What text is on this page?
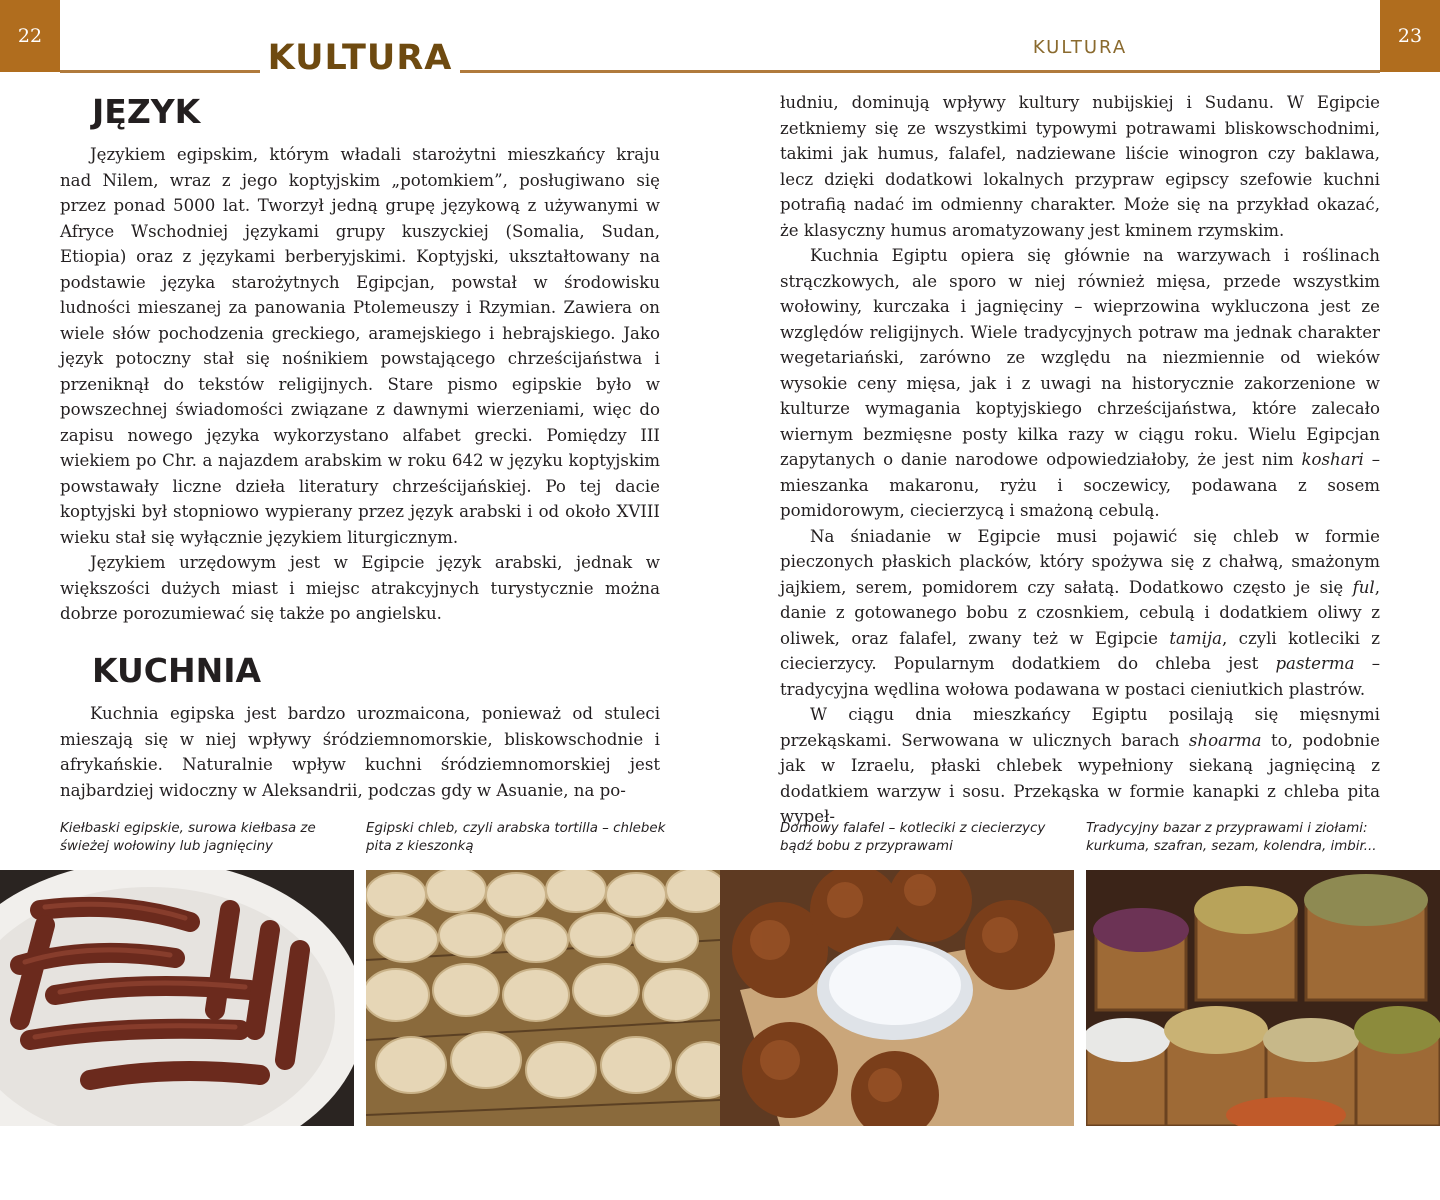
22	23
KULTURA	KULTURA
JĘZYK

Językiem egipskim, którym władali starożytni mieszkańcy kraju nad Nilem, wraz z jego koptyjskim „potomkiem”, posługiwano się przez ponad 5000 lat. Tworzył jedną grupę językową z używanymi w Afryce Wschodniej językami grupy kuszyckiej (Somalia, Sudan, Etiopia) oraz z językami berberyjskimi. Koptyjski, ukształtowany na podstawie języka starożytnych Egipcjan, powstał w środowisku ludności mieszanej za panowania Ptolemeuszy i Rzymian. Zawiera on wiele słów pochodzenia greckiego, aramejskiego i hebrajskiego. Jako język potoczny stał się nośnikiem powstającego chrześcijaństwa i przeniknął do tekstów religijnych. Stare pismo egipskie było w powszechnej świadomości związane z dawnymi wierzeniami, więc do zapisu nowego języka wykorzystano alfabet grecki. Pomiędzy III wiekiem po Chr. a najazdem arabskim w roku 642 w języku koptyjskim powstawały liczne dzieła literatury chrześcijańskiej. Po tej dacie koptyjski był stopniowo wypierany przez język arabski i od około XVIII wieku stał się wyłącznie językiem liturgicznym.

Językiem urzędowym jest w Egipcie język arabski, jednak w większości dużych miast i miejsc atrakcyjnych turystycznie można dobrze porozumiewać się także po angielsku.

KUCHNIA

Kuchnia egipska jest bardzo urozmaicona, ponieważ od stuleci mieszają się w niej wpływy śródziemnomorskie, bliskowschodnie i afrykańskie. Naturalnie wpływ kuchni śródziemnomorskiej jest najbardziej widoczny w Aleksandrii, podczas gdy w Asuanie, na po-

łudniu, dominują wpływy kultury nubijskiej i Sudanu. W Egipcie zetkniemy się ze wszystkimi typowymi potrawami bliskowschodnimi, takimi jak humus, falafel, nadziewane liście winogron czy baklawa, lecz dzięki dodatkowi lokalnych przypraw egipscy szefowie kuchni potrafią nadać im odmienny charakter. Może się na przykład okazać, że klasyczny humus aromatyzowany jest kminem rzymskim.

Kuchnia Egiptu opiera się głównie na warzywach i roślinach strączkowych, ale sporo w niej również mięsa, przede wszystkim wołowiny, kurczaka i jagnięciny – wieprzowina wykluczona jest ze względów religijnych. Wiele tradycyjnych potraw ma jednak charakter wegetariański, zarówno ze względu na niezmiennie od wieków wysokie ceny mięsa, jak i z uwagi na historycznie zakorzenione w kulturze wymagania koptyjskiego chrześcijaństwa, które zalecało wiernym bezmięsne posty kilka razy w ciągu roku. Wielu Egipcjan zapytanych o danie narodowe odpowiedziałoby, że jest nim koshari – mieszanka makaronu, ryżu i soczewicy, podawana z sosem pomidorowym, ciecierzycą i smażoną cebulą.

Na śniadanie w Egipcie musi pojawić się chleb w formie pieczonych płaskich placków, który spożywa się z chałwą, smażonym jajkiem, serem, pomidorem czy sałatą. Dodatkowo często je się ful, danie z gotowanego bobu z czosnkiem, cebulą i dodatkiem oliwy z oliwek, oraz falafel, zwany też w Egipcie tamija, czyli kotleciki z ciecierzycy. Popularnym dodatkiem do chleba jest pasterma – tradycyjna wędlina wołowa podawana w postaci cieniutkich plastrów.

W ciągu dnia mieszkańcy Egiptu posilają się mięsnymi przekąskami. Serwowana w ulicznych barach shoarma to, podobnie jak w Izraelu, płaski chlebek wypełniony siekaną jagnięciną z dodatkiem warzyw i sosu. Przekąska w formie kanapki z chleba pita wypeł-

Kiełbaski egipskie, surowa kiełbasa ze świeżej wołowiny lub jagnięciny
Egipski chleb, czyli arabska tortilla – chlebek pita z kieszonką
Domowy falafel – kotleciki z ciecierzycy bądź bobu z przyprawami
Tradycyjny bazar z przyprawami i ziołami: kurkuma, szafran, sezam, kolendra, imbir...
